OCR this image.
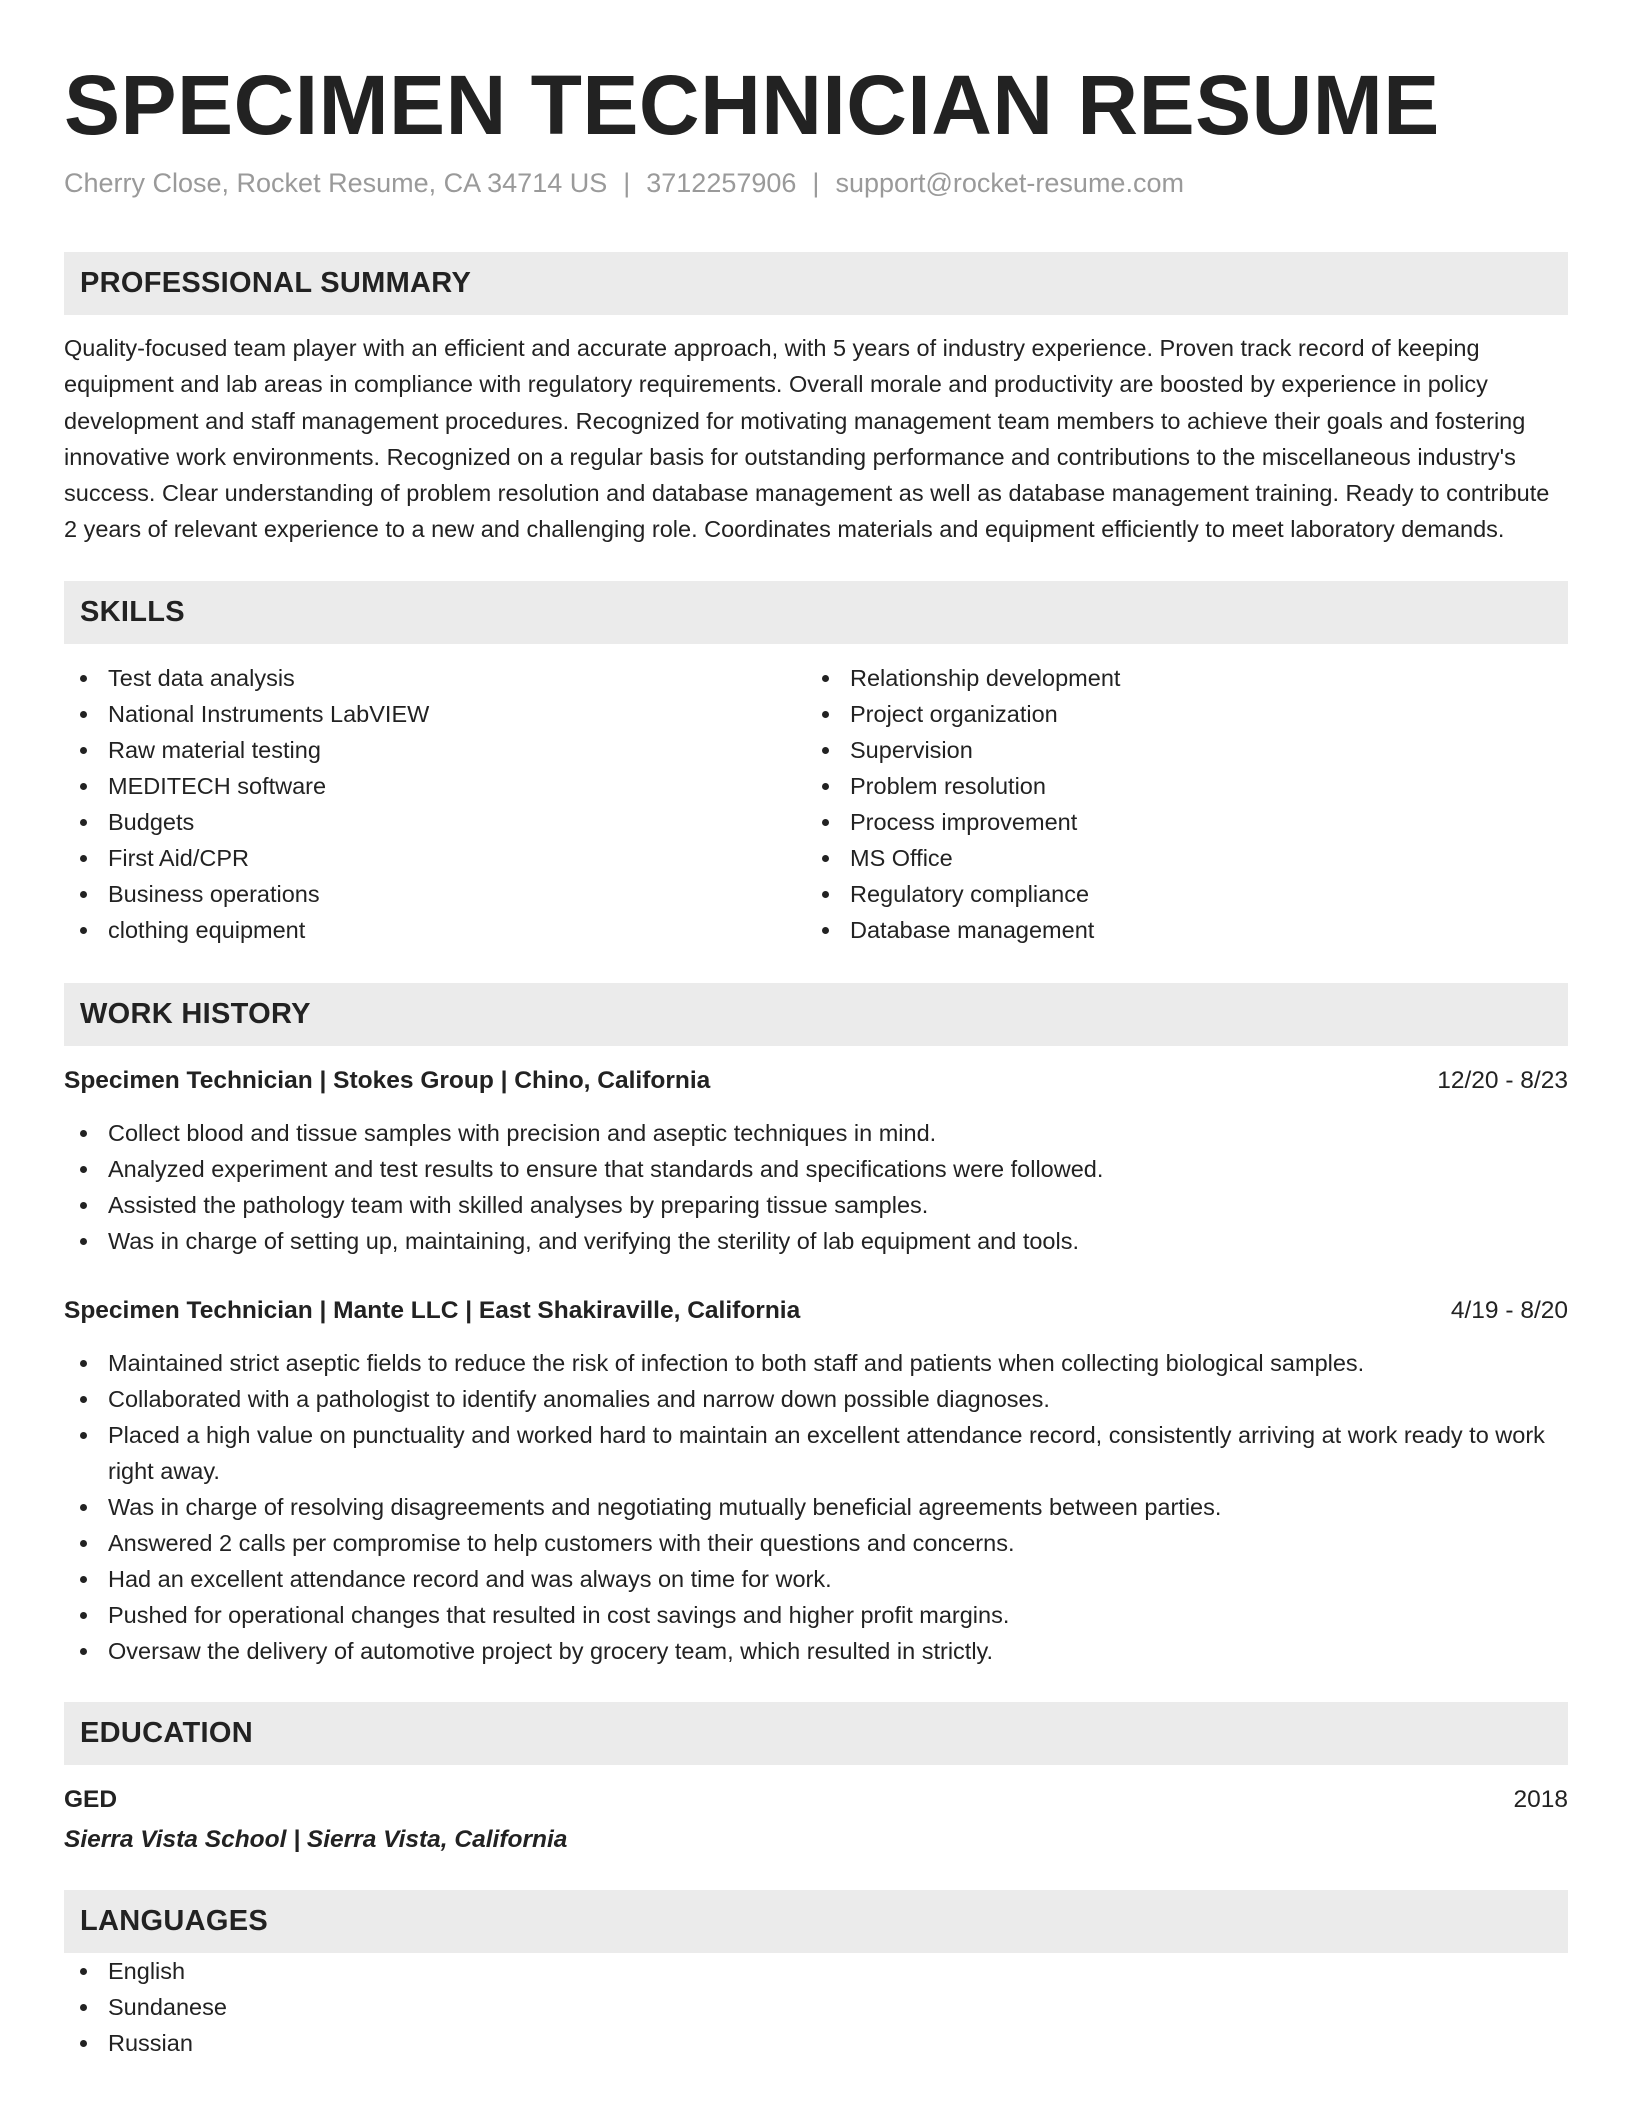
SPECIMEN TECHNICIAN RESUME
Cherry Close, Rocket Resume, CA 34714 US | 3712257906 | support@rocket-resume.com
PROFESSIONAL SUMMARY

Quality-focused team player with an efficient and accurate approach, with 5 years of industry experience. Proven track record of keeping equipment and lab areas in compliance with regulatory requirements. Overall morale and productivity are boosted by experience in policy development and staff management procedures. Recognized for motivating management team members to achieve their goals and fostering innovative work environments. Recognized on a regular basis for outstanding performance and contributions to the miscellaneous industry's success. Clear understanding of problem resolution and database management as well as database management training. Ready to contribute 2 years of relevant experience to a new and challenging role. Coordinates materials and equipment efficiently to meet laboratory demands.

SKILLS
Test data analysis
National Instruments LabVIEW
Raw material testing
MEDITECH software
Budgets
First Aid/CPR
Business operations
clothing equipment
Relationship development
Project organization
Supervision
Problem resolution
Process improvement
MS Office
Regulatory compliance
Database management
WORK HISTORY
Specimen Technician | Stokes Group | Chino, California	12/20 - 8/23
Collect blood and tissue samples with precision and aseptic techniques in mind.
Analyzed experiment and test results to ensure that standards and specifications were followed.
Assisted the pathology team with skilled analyses by preparing tissue samples.
Was in charge of setting up, maintaining, and verifying the sterility of lab equipment and tools.
Specimen Technician | Mante LLC | East Shakiraville, California	4/19 - 8/20
Maintained strict aseptic fields to reduce the risk of infection to both staff and patients when collecting biological samples.
Collaborated with a pathologist to identify anomalies and narrow down possible diagnoses.
Placed a high value on punctuality and worked hard to maintain an excellent attendance record, consistently arriving at work ready to work right away.
Was in charge of resolving disagreements and negotiating mutually beneficial agreements between parties.
Answered 2 calls per compromise to help customers with their questions and concerns.
Had an excellent attendance record and was always on time for work.
Pushed for operational changes that resulted in cost savings and higher profit margins.
Oversaw the delivery of automotive project by grocery team, which resulted in strictly.
EDUCATION
GED	2018
Sierra Vista School | Sierra Vista, California
LANGUAGES
English
Sundanese
Russian
